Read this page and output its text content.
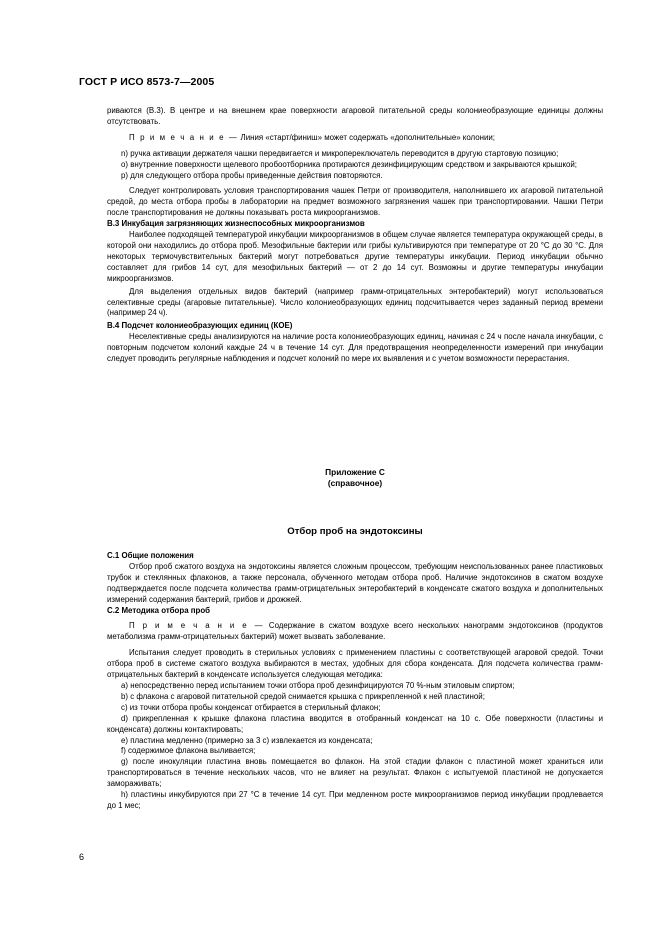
ГОСТ Р ИСО 8573-7—2005

риваются (В.3). В центре и на внешнем крае поверхности агаровой питательной среды колониеобразующие единицы должны отсутствовать.

П р и м е ч а н и е — Линия «старт/финиш» может содержать «дополнительные» колонии;

n) ручка активации держателя чашки передвигается и микропереключатель переводится в другую стартовую позицию;

о) внутренние поверхности щелевого пробоотборника протираются дезинфицирующим средством и закрываются крышкой;

р) для следующего отбора пробы приведенные действия повторяются.

Следует контролировать условия транспортирования чашек Петри от производителя, наполнившего их агаровой питательной средой, до места отбора пробы в лаборатории на предмет возможного загрязнения чашек при транспортировании. Чашки Петри после транспортирования не должны показывать роста микроорганизмов.

В.3 Инкубация загрязняющих жизнеспособных микроорганизмов

Наиболее подходящей температурой инкубации микроорганизмов в общем случае является температура окружающей среды, в которой они находились до отбора проб. Мезофильные бактерии или грибы культивируются при температуре от 20 °С до 30 °С. Для некоторых термочувствительных бактерий могут потребоваться другие температуры инкубации. Период инкубации обычно составляет для грибов 14 сут, для мезофильных бактерий — от 2 до 14 сут. Возможны и другие температуры инкубации микроорганизмов.

Для выделения отдельных видов бактерий (например грамм-отрицательных энтеробактерий) могут использоваться селективные среды (агаровые питательные). Число колониеобразующих единиц подсчитывается через заданный период времени (например 24 ч).

В.4 Подсчет колониеобразующих единиц (КОЕ)

Неселективные среды анализируются на наличие роста колониеобразующих единиц, начиная с 24 ч после начала инкубации, с повторным подсчетом колоний каждые 24 ч в течение 14 сут. Для предотвращения неопределенности измерений при инкубации следует проводить регулярные наблюдения и подсчет колоний по мере их выявления и с учетом возможности перерастания.

Приложение С
(справочное)
Отбор проб на эндотоксины

С.1 Общие положения

Отбор проб сжатого воздуха на эндотоксины является сложным процессом, требующим неиспользованных ранее пластиковых трубок и стеклянных флаконов, а также персонала, обученного методам отбора проб. Наличие эндотоксинов в сжатом воздухе подтверждается после подсчета количества грамм-отрицательных энтеробактерий в конденсате сжатого воздуха и дополнительных измерений содержания бактерий, грибов и дрожжей.

С.2 Методика отбора проб

П р и м е ч а н и е — Содержание в сжатом воздухе всего нескольких нанограмм эндотоксинов (продуктов метаболизма грамм-отрицательных бактерий) может вызвать заболевание.

Испытания следует проводить в стерильных условиях с применением пластины с соответствующей агаровой средой. Точки отбора проб в системе сжатого воздуха выбираются в местах, удобных для сбора конденсата. Для подсчета количества грамм-отрицательных бактерий в конденсате используется следующая методика:

а) непосредственно перед испытанием точки отбора проб дезинфицируются 70 %-ным этиловым спиртом;

b) с флакона с агаровой питательной средой снимается крышка с прикрепленной к ней пластиной;

с) из точки отбора пробы конденсат отбирается в стерильный флакон;

d) прикрепленная к крышке флакона пластина вводится в отобранный конденсат на 10 с. Обе поверхности (пластины и конденсата) должны контактировать;

е) пластина медленно (примерно за 3 с) извлекается из конденсата;

f) содержимое флакона выливается;

g) после инокуляции пластина вновь помещается во флакон. На этой стадии флакон с пластиной может храниться или транспортироваться в течение нескольких часов, что не влияет на результат. Флакон с испытуемой пластиной не допускается замораживать;

h) пластины инкубируются при 27 °С в течение 14 сут. При медленном росте микроорганизмов период инкубации продлевается до 1 мес;

6
